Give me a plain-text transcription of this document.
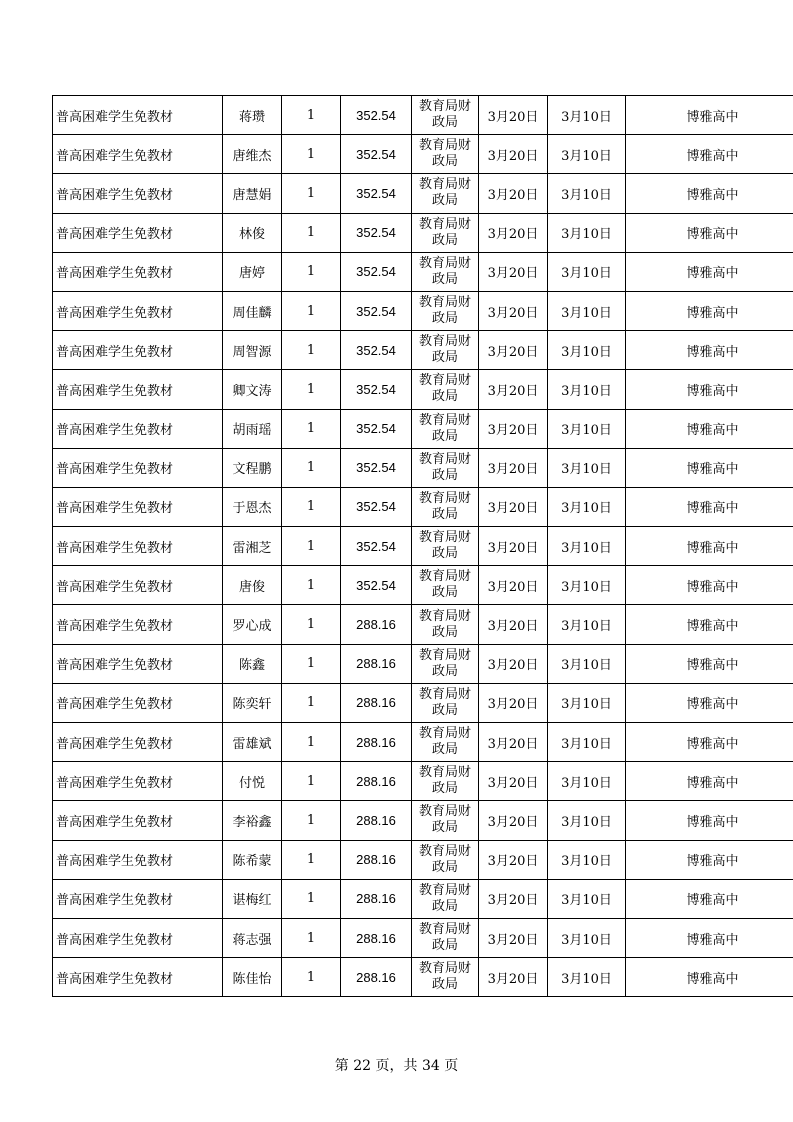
普高困难学生免教材	蒋瓒	1	352.54	教育局财政局	3月20日	3月10日	博雅高中
普高困难学生免教材	唐维杰	1	352.54	教育局财政局	3月20日	3月10日	博雅高中
普高困难学生免教材	唐慧娟	1	352.54	教育局财政局	3月20日	3月10日	博雅高中
普高困难学生免教材	林俊	1	352.54	教育局财政局	3月20日	3月10日	博雅高中
普高困难学生免教材	唐婷	1	352.54	教育局财政局	3月20日	3月10日	博雅高中
普高困难学生免教材	周佳麟	1	352.54	教育局财政局	3月20日	3月10日	博雅高中
普高困难学生免教材	周智源	1	352.54	教育局财政局	3月20日	3月10日	博雅高中
普高困难学生免教材	卿文涛	1	352.54	教育局财政局	3月20日	3月10日	博雅高中
普高困难学生免教材	胡雨瑶	1	352.54	教育局财政局	3月20日	3月10日	博雅高中
普高困难学生免教材	文程鹏	1	352.54	教育局财政局	3月20日	3月10日	博雅高中
普高困难学生免教材	于恩杰	1	352.54	教育局财政局	3月20日	3月10日	博雅高中
普高困难学生免教材	雷湘芝	1	352.54	教育局财政局	3月20日	3月10日	博雅高中
普高困难学生免教材	唐俊	1	352.54	教育局财政局	3月20日	3月10日	博雅高中
普高困难学生免教材	罗心成	1	288.16	教育局财政局	3月20日	3月10日	博雅高中
普高困难学生免教材	陈鑫	1	288.16	教育局财政局	3月20日	3月10日	博雅高中
普高困难学生免教材	陈奕轩	1	288.16	教育局财政局	3月20日	3月10日	博雅高中
普高困难学生免教材	雷雄斌	1	288.16	教育局财政局	3月20日	3月10日	博雅高中
普高困难学生免教材	付悦	1	288.16	教育局财政局	3月20日	3月10日	博雅高中
普高困难学生免教材	李裕鑫	1	288.16	教育局财政局	3月20日	3月10日	博雅高中
普高困难学生免教材	陈希蒙	1	288.16	教育局财政局	3月20日	3月10日	博雅高中
普高困难学生免教材	谌梅红	1	288.16	教育局财政局	3月20日	3月10日	博雅高中
普高困难学生免教材	蒋志强	1	288.16	教育局财政局	3月20日	3月10日	博雅高中
普高困难学生免教材	陈佳怡	1	288.16	教育局财政局	3月20日	3月10日	博雅高中
第 22 页，共 34 页
